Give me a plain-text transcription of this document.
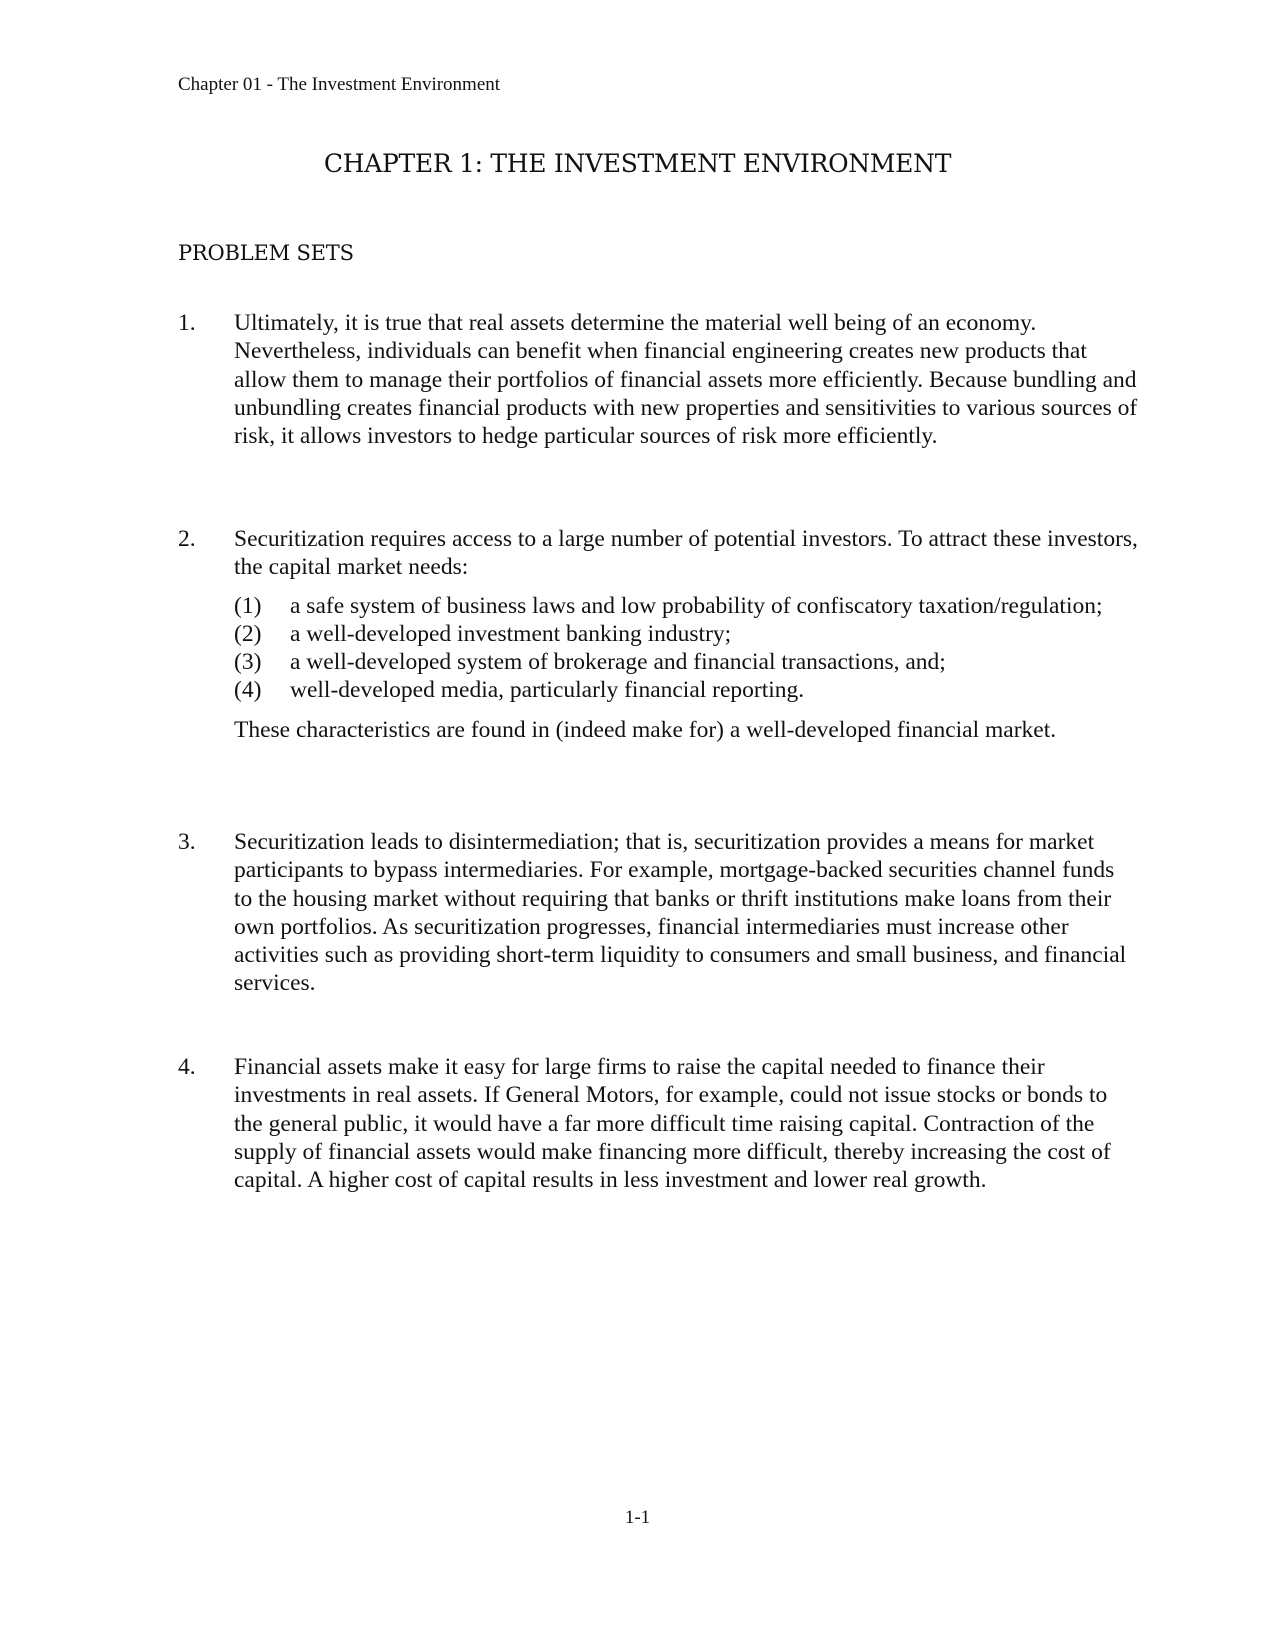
Chapter 01 - The Investment Environment
CHAPTER 1: THE INVESTMENT ENVIRONMENT
PROBLEM SETS
1. Ultimately, it is true that real assets determine the material well being of an economy. Nevertheless, individuals can benefit when financial engineering creates new products that allow them to manage their portfolios of financial assets more efficiently. Because bundling and unbundling creates financial products with new properties and sensitivities to various sources of risk, it allows investors to hedge particular sources of risk more efficiently.

2. Securitization requires access to a large number of potential investors. To attract these investors, the capital market needs:

(1) a safe system of business laws and low probability of confiscatory taxation/regulation;
(2) a well-developed investment banking industry;
(3) a well-developed system of brokerage and financial transactions, and;
(4) well-developed media, particularly financial reporting.

These characteristics are found in (indeed make for) a well-developed financial market.

3. Securitization leads to disintermediation; that is, securitization provides a means for market participants to bypass intermediaries. For example, mortgage-backed securities channel funds to the housing market without requiring that banks or thrift institutions make loans from their own portfolios. As securitization progresses, financial intermediaries must increase other activities such as providing short-term liquidity to consumers and small business, and financial services.

4. Financial assets make it easy for large firms to raise the capital needed to finance their investments in real assets. If General Motors, for example, could not issue stocks or bonds to the general public, it would have a far more difficult time raising capital. Contraction of the supply of financial assets would make financing more difficult, thereby increasing the cost of capital. A higher cost of capital results in less investment and lower real growth.

1-1
